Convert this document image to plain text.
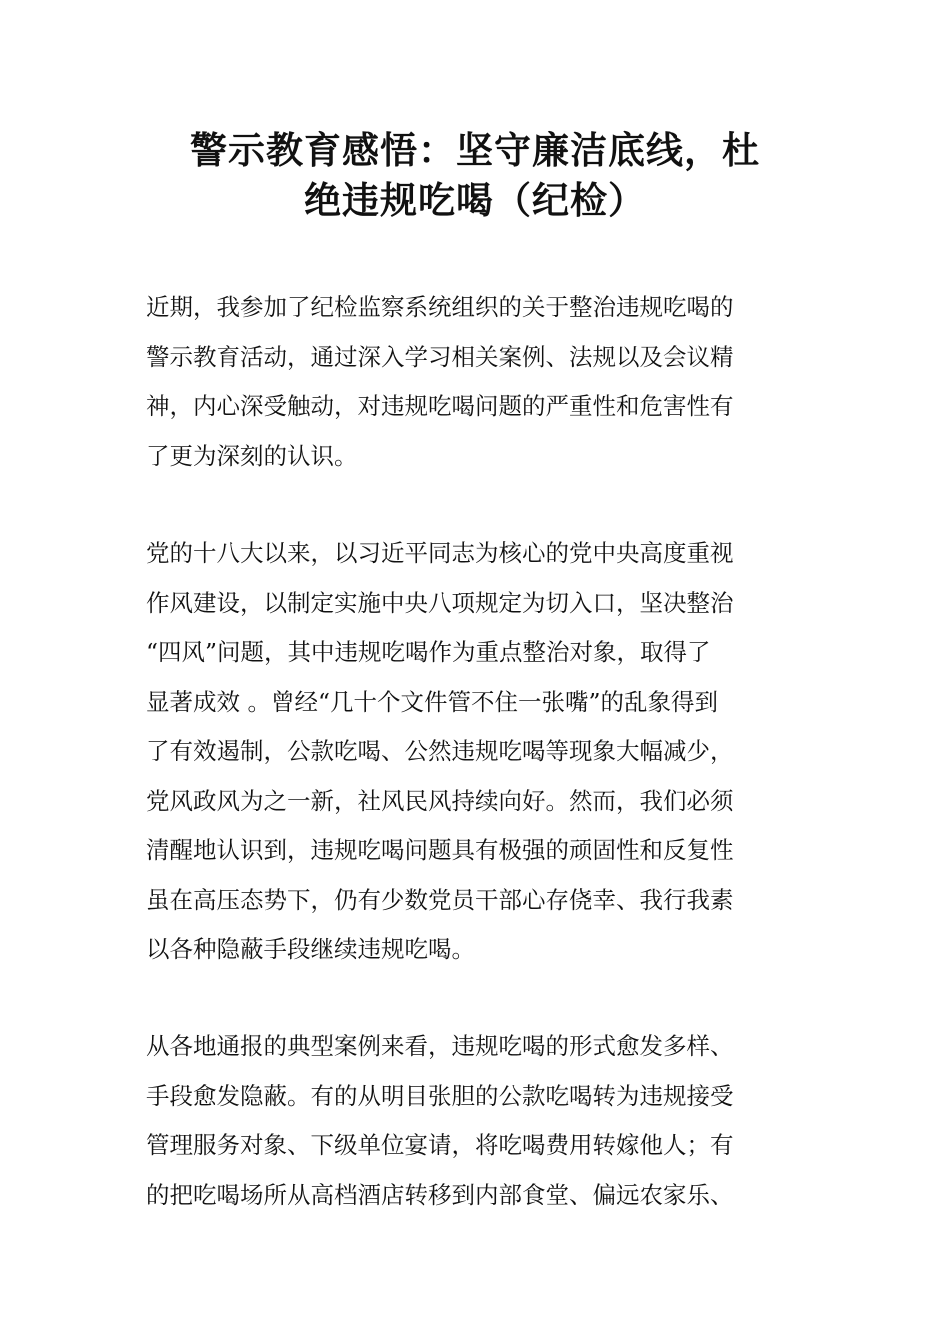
警示教育感悟：坚守廉洁底线，杜
绝违规吃喝（纪检）

近期，我参加了纪检监察系统组织的关于整治违规吃喝的
警示教育活动，通过深入学习相关案例、法规以及会议精
神，内心深受触动，对违规吃喝问题的严重性和危害性有
了更为深刻的认识。

党的十八大以来，以习近平同志为核心的党中央高度重视
作风建设，以制定实施中央八项规定为切入口，坚决整治
“四风”问题，其中违规吃喝作为重点整治对象，取得了
显著成效 。曾经“几十个文件管不住一张嘴”的乱象得到
了有效遏制，公款吃喝、公然违规吃喝等现象大幅减少，
党风政风为之一新，社风民风持续向好。然而，我们必须
清醒地认识到，违规吃喝问题具有极强的顽固性和反复性
虽在高压态势下，仍有少数党员干部心存侥幸、我行我素
以各种隐蔽手段继续违规吃喝。

从各地通报的典型案例来看，违规吃喝的形式愈发多样、
手段愈发隐蔽。有的从明目张胆的公款吃喝转为违规接受
管理服务对象、下级单位宴请，将吃喝费用转嫁他人；有
的把吃喝场所从高档酒店转移到内部食堂、偏远农家乐、
